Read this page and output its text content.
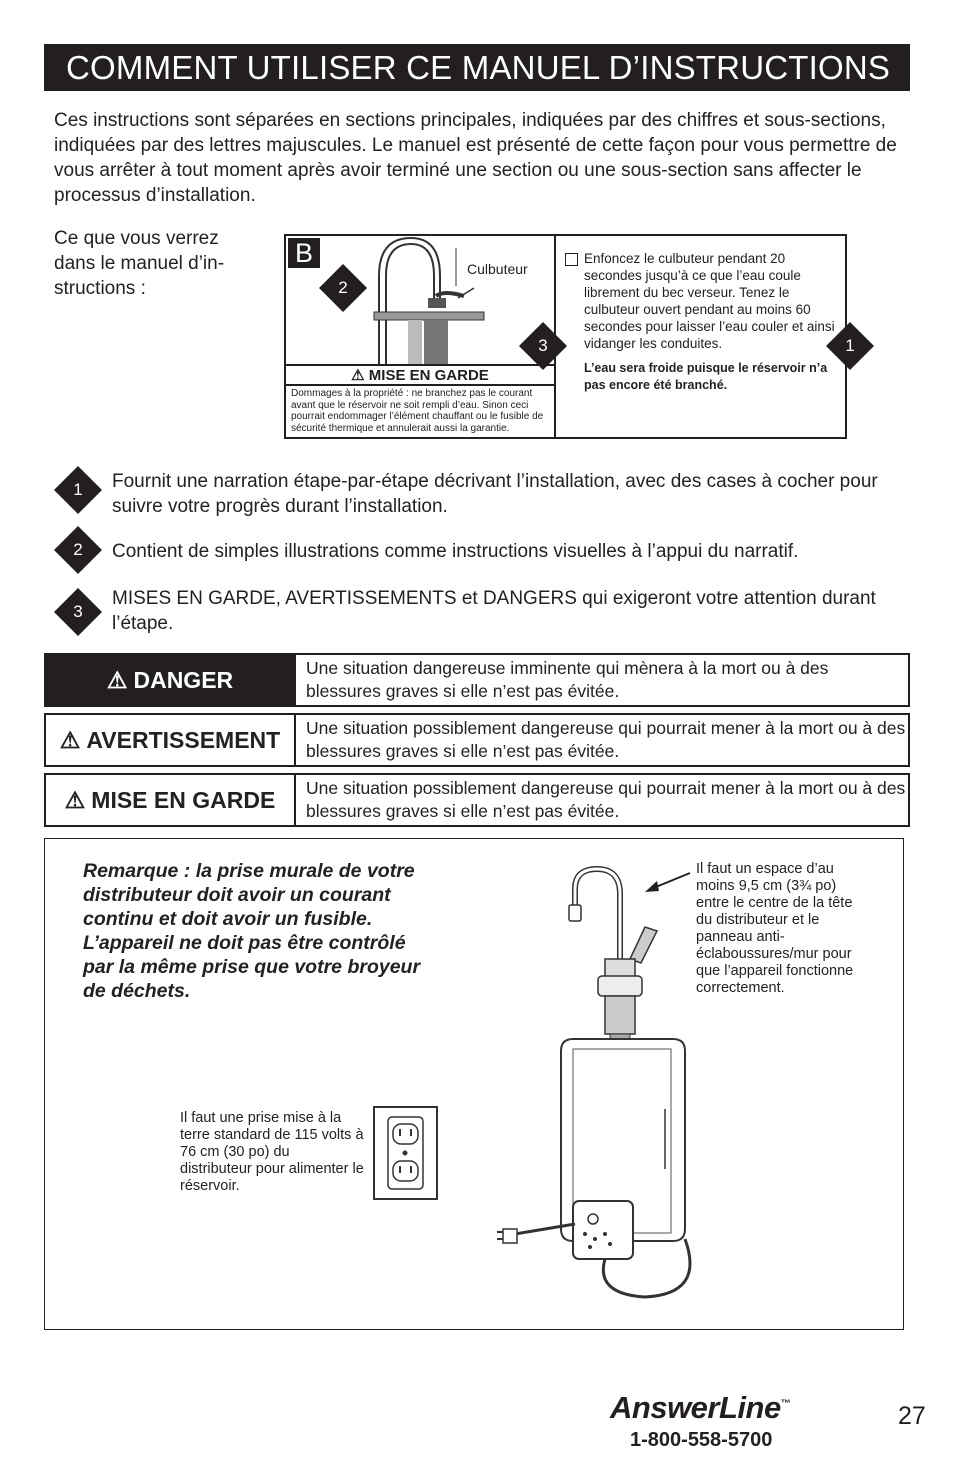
COMMENT UTILISER CE MANUEL D’INSTRUCTIONS
Ces instructions sont séparées en sections principales, indiquées par des chiffres et sous-sections, indiquées par des lettres majuscules. Le manuel est présenté de cette façon pour vous permettre de vous arrêter à tout moment après avoir terminé une section ou une sous-section sans affecter le processus d’installation.
Ce que vous verrez dans le manuel d’in-structions :
B
Culbuteur
⚠ MISE EN GARDE
Dommages à la propriété : ne branchez pas le courant avant que le réservoir ne soit rempli d’eau. Sinon ceci pourrait endommager l’élément chauffant ou le fusible de sécurité thermique et annulerait aussi la garantie.
Enfoncez le culbuteur pendant 20 secondes jusqu’à ce que l’eau coule librement du bec verseur. Tenez le culbuteur ouvert pendant au moins 60 secondes pour laisser l’eau couler et ainsi vidanger les conduites.
L’eau sera froide puisque le réservoir n’a pas encore été branché.
2
3	1
1	Fournit une narration étape-par-étape décrivant l’installation, avec des cases à cocher pour suivre votre progrès durant l’installation.
2	Contient de simples illustrations comme instructions visuelles à l’appui du narratif.
3
MISES EN GARDE, AVERTISSEMENTS et DANGERS qui exigeront votre attention durant l’étape.
⚠ DANGER	Une situation dangereuse imminente qui mènera à la mort ou à des blessures graves si elle n’est pas évitée.
⚠ AVERTISSEMENT	Une situation possiblement dangereuse qui pourrait mener à la mort ou à des blessures graves si elle n’est pas évitée.
⚠ MISE EN GARDE	Une situation possiblement dangereuse qui pourrait mener à la mort ou à des blessures graves si elle n’est pas évitée.
Remarque : la prise murale de votre distributeur doit avoir un courant continu et doit avoir un fusible. L’appareil ne doit pas être contrôlé par la même prise que votre broyeur de déchets.
Il faut un espace d’au moins 9,5 cm (3¾ po) entre le centre de la tête du distributeur et le panneau anti-éclaboussures/mur pour que l’appareil fonctionne correctement.
Il faut une prise mise à la terre standard de 115 volts à 76 cm (30 po) du distributeur pour alimenter le réservoir.
AnswerLine™
1-800-558-5700
27
